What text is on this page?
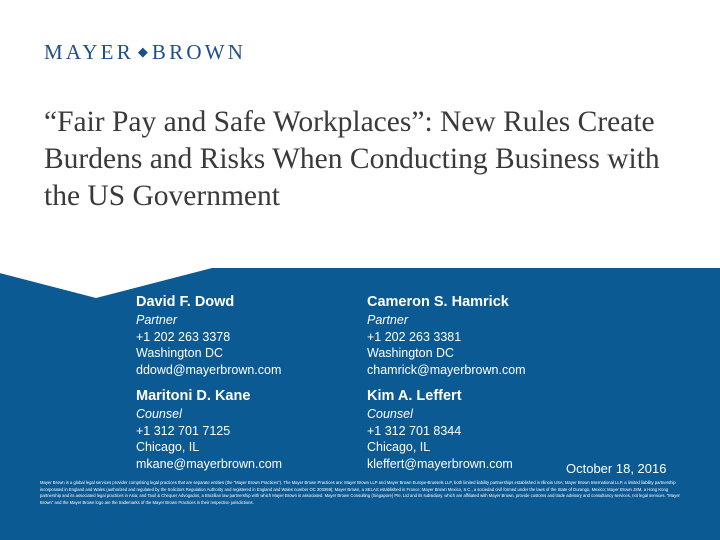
MAYER ◆ BROWN
“Fair Pay and Safe Workplaces”: New Rules Create Burdens and Risks When Conducting Business with the US Government
David F. Dowd
Partner
+1 202 263 3378
Washington DC
ddowd@mayerbrown.com
Cameron S. Hamrick
Partner
+1 202 263 3381
Washington DC
chamrick@mayerbrown.com
Maritoni D. Kane
Counsel
+1 312 701 7125
Chicago, IL
mkane@mayerbrown.com
Kim A. Leffert
Counsel
+1 312 701 8344
Chicago, IL
kleffert@mayerbrown.com	October 18, 2016
Mayer Brown is a global legal services provider comprising legal practices that are separate entities (the "Mayer Brown Practices"). The Mayer Brown Practices are: Mayer Brown LLP and Mayer Brown Europe-Brussels LLP, both limited liability partnerships established in Illinois USA; Mayer Brown International LLP, a limited liability partnership incorporated in England and Wales (authorized and regulated by the Solicitors Regulation Authority and registered in England and Wales number OC 303359); Mayer Brown, a SELAS established in France; Mayer Brown Mexico, S.C., a sociedad civil formed under the laws of the State of Durango, Mexico; Mayer Brown JSM, a Hong Kong partnership and its associated legal practices in Asia; and Tauil & Chequer Advogados, a Brazilian law partnership with which Mayer Brown is associated. Mayer Brown Consulting (Singapore) Pte. Ltd and its subsidiary, which are affiliated with Mayer Brown, provide customs and trade advisory and consultancy services, not legal services. "Mayer Brown" and the Mayer Brown logo are the trademarks of the Mayer Brown Practices in their respective jurisdictions.
